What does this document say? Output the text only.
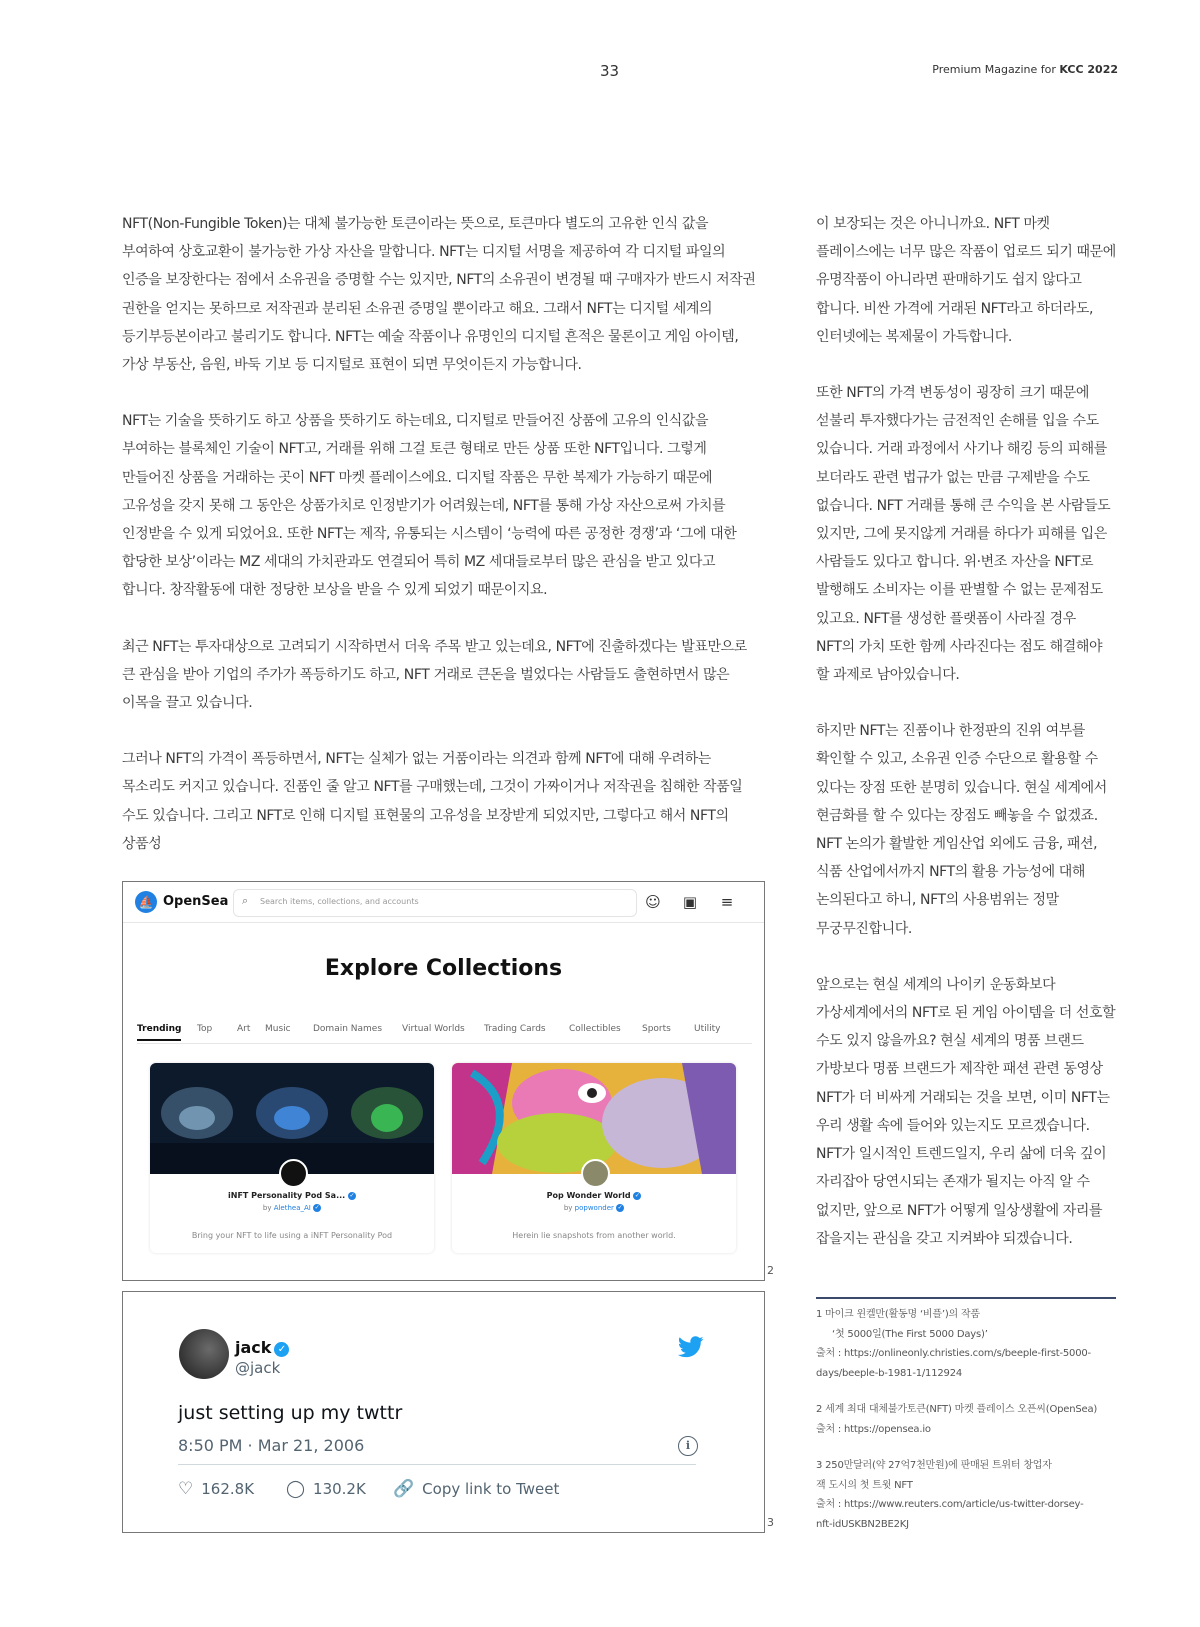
33	Premium Magazine for KCC 2022

NFT(Non-Fungible Token)는 대체 불가능한 토큰이라는 뜻으로, 토큰마다 별도의 고유한 인식 값을 부여하여 상호교환이 불가능한 가상 자산을 말합니다. NFT는 디지털 서명을 제공하여 각 디지털 파일의 인증을 보장한다는 점에서 소유권을 증명할 수는 있지만, NFT의 소유권이 변경될 때 구매자가 반드시 저작권 권한을 얻지는 못하므로 저작권과 분리된 소유권 증명일 뿐이라고 해요. 그래서 NFT는 디지털 세계의 등기부등본이라고 불리기도 합니다. NFT는 예술 작품이나 유명인의 디지털 흔적은 물론이고 게임 아이템, 가상 부동산, 음원, 바둑 기보 등 디지털로 표현이 되면 무엇이든지 가능합니다.

NFT는 기술을 뜻하기도 하고 상품을 뜻하기도 하는데요, 디지털로 만들어진 상품에 고유의 인식값을 부여하는 블록체인 기술이 NFT고, 거래를 위해 그걸 토큰 형태로 만든 상품 또한 NFT입니다. 그렇게 만들어진 상품을 거래하는 곳이 NFT 마켓 플레이스에요. 디지털 작품은 무한 복제가 가능하기 때문에 고유성을 갖지 못해 그 동안은 상품가치로 인정받기가 어려웠는데, NFT를 통해 가상 자산으로써 가치를 인정받을 수 있게 되었어요. 또한 NFT는 제작, 유통되는 시스템이 ‘능력에 따른 공정한 경쟁’과 ‘그에 대한 합당한 보상’이라는 MZ 세대의 가치관과도 연결되어 특히 MZ 세대들로부터 많은 관심을 받고 있다고 합니다. 창작활동에 대한 정당한 보상을 받을 수 있게 되었기 때문이지요.

최근 NFT는 투자대상으로 고려되기 시작하면서 더욱 주목 받고 있는데요, NFT에 진출하겠다는 발표만으로 큰 관심을 받아 기업의 주가가 폭등하기도 하고, NFT 거래로 큰돈을 벌었다는 사람들도 출현하면서 많은 이목을 끌고 있습니다.

그러나 NFT의 가격이 폭등하면서, NFT는 실체가 없는 거품이라는 의견과 함께 NFT에 대해 우려하는 목소리도 커지고 있습니다. 진품인 줄 알고 NFT를 구매했는데, 그것이 가짜이거나 저작권을 침해한 작품일 수도 있습니다. 그리고 NFT로 인해 디지털 표현물의 고유성을 보장받게 되었지만, 그렇다고 해서 NFT의 상품성

이 보장되는 것은 아니니까요. NFT 마켓 플레이스에는 너무 많은 작품이 업로드 되기 때문에 유명작품이 아니라면 판매하기도 쉽지 않다고 합니다. 비싼 가격에 거래된 NFT라고 하더라도, 인터넷에는 복제물이 가득합니다.

또한 NFT의 가격 변동성이 굉장히 크기 때문에 섣불리 투자했다가는 금전적인 손해를 입을 수도 있습니다. 거래 과정에서 사기나 해킹 등의 피해를 보더라도 관련 법규가 없는 만큼 구제받을 수도 없습니다. NFT 거래를 통해 큰 수익을 본 사람들도 있지만, 그에 못지않게 거래를 하다가 피해를 입은 사람들도 있다고 합니다. 위·변조 자산을 NFT로 발행해도 소비자는 이를 판별할 수 없는 문제점도 있고요. NFT를 생성한 플랫폼이 사라질 경우 NFT의 가치 또한 함께 사라진다는 점도 해결해야 할 과제로 남아있습니다.

하지만 NFT는 진품이나 한정판의 진위 여부를 확인할 수 있고, 소유권 인증 수단으로 활용할 수 있다는 장점 또한 분명히 있습니다. 현실 세계에서 현금화를 할 수 있다는 장점도 빼놓을 수 없겠죠. NFT 논의가 활발한 게임산업 외에도 금융, 패션, 식품 산업에서까지 NFT의 활용 가능성에 대해 논의된다고 하니, NFT의 사용범위는 정말 무궁무진합니다.

앞으로는 현실 세계의 나이키 운동화보다 가상세계에서의 NFT로 된 게임 아이템을 더 선호할 수도 있지 않을까요? 현실 세계의 명품 브랜드 가방보다 명품 브랜드가 제작한 패션 관련 동영상 NFT가 더 비싸게 거래되는 것을 보면, 이미 NFT는 우리 생활 속에 들어와 있는지도 모르겠습니다. NFT가 일시적인 트렌드일지, 우리 삶에 더욱 깊이 자리잡아 당연시되는 존재가 될지는 아직 알 수 없지만, 앞으로 NFT가 어떻게 일상생활에 자리를 잡을지는 관심을 갖고 지켜봐야 되겠습니다.

⛵ OpenSea ⌕ Search items, collections, and accounts	☺ ▣ ≡
Explore Collections
Trending Top	Art Music Domain Names Virtual Worlds Trading Cards	Collectibles Sports	Utility
iNFT Personality Pod Sa... ✓
by Alethea_AI ✓
Bring your NFT to life using a iNFT Personality Pod
Pop Wonder World ✓
by popwonder ✓
Herein lie snapshots from another world.
2
jack ✓
@jack
just setting up my twttr
8:50 PM · Mar 21, 2006	i
♡ 162.8K ◯ 130.2K 🔗 Copy link to Tweet
3
1 마이크 윈켈만(활동명 ‘비플’)의 작품
‘첫 5000일(The First 5000 Days)’
출처 : https://onlineonly.christies.com/s/beeple-first-5000-
days/beeple-b-1981-1/112924
2 세계 최대 대체불가토큰(NFT) 마켓 플레이스 오픈씨(OpenSea)
출처 : https://opensea.io
3 250만달러(약 27억7천만원)에 판매된 트위터 창업자
잭 도시의 첫 트윗 NFT
출처 : https://www.reuters.com/article/us-twitter-dorsey-
nft-idUSKBN2BE2KJ
